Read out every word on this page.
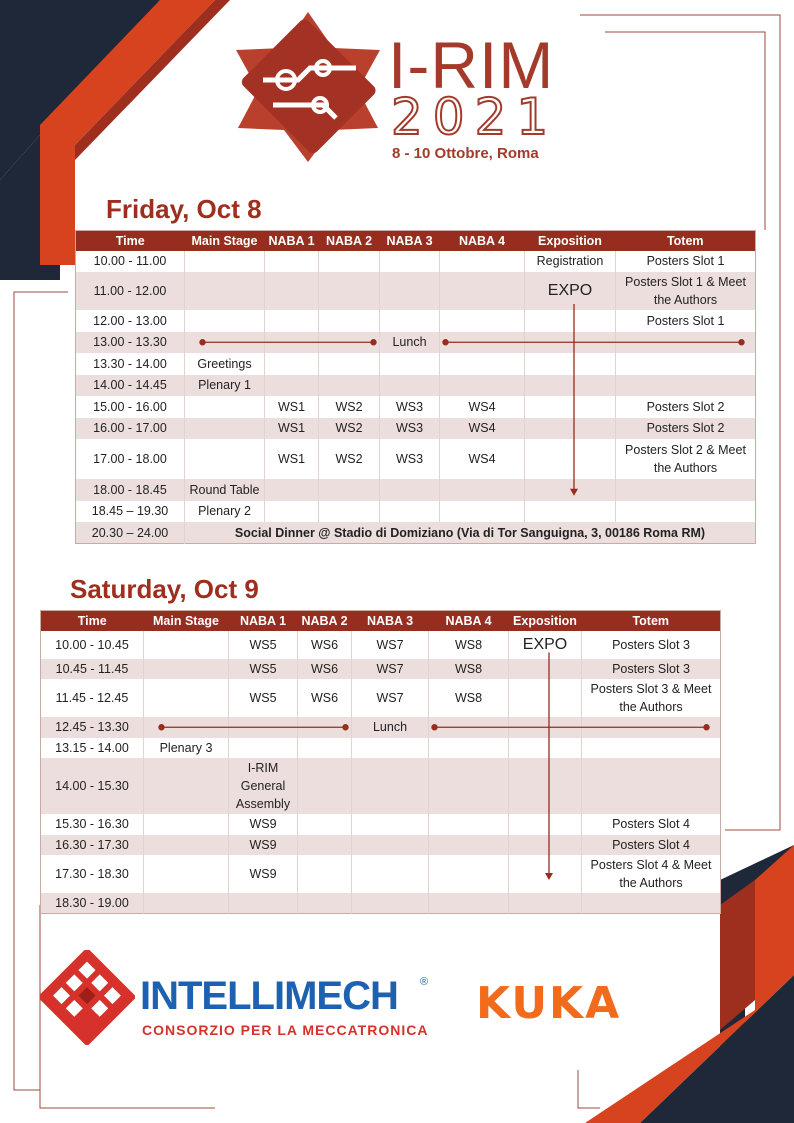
I-RIM
2021
8 - 10 Ottobre, Roma
Friday, Oct 8
Time	Main Stage	NABA 1	NABA 2	NABA 3	NABA 4	Exposition	Totem
10.00 - 11.00						Registration	Posters Slot 1
11.00 - 12.00						EXPO	Posters Slot 1 & Meet the Authors
12.00 - 13.00							Posters Slot 1
13.00 - 13.30				Lunch			
13.30 - 14.00	Greetings						
14.00 - 14.45	Plenary 1						
15.00 - 16.00		WS1	WS2	WS3	WS4		Posters Slot 2
16.00 - 17.00		WS1	WS2	WS3	WS4		Posters Slot 2
17.00 - 18.00		WS1	WS2	WS3	WS4		Posters Slot 2 & Meet the Authors
18.00 - 18.45	Round Table						
18.45 – 19.30	Plenary 2						
20.30 – 24.00	Social Dinner @ Stadio di Domiziano (Via di Tor Sanguigna, 3, 00186 Roma RM)						
Saturday, Oct 9
Time	Main Stage	NABA 1	NABA 2	NABA 3	NABA 4	Exposition	Totem
10.00 - 10.45		WS5	WS6	WS7	WS8	EXPO	Posters Slot 3
10.45 - 11.45		WS5	WS6	WS7	WS8		Posters Slot 3
11.45 - 12.45		WS5	WS6	WS7	WS8		Posters Slot 3 & Meet the Authors
12.45 - 13.30				Lunch			
13.15 - 14.00	Plenary 3						
14.00 - 15.30		I-RIM General Assembly					
15.30 - 16.30		WS9					Posters Slot 4
16.30 - 17.30		WS9					Posters Slot 4
17.30 - 18.30		WS9					Posters Slot 4 & Meet the Authors
18.30 - 19.00							
INTELLIMECH ®
CONSORZIO PER LA MECCATRONICA
KUKA
